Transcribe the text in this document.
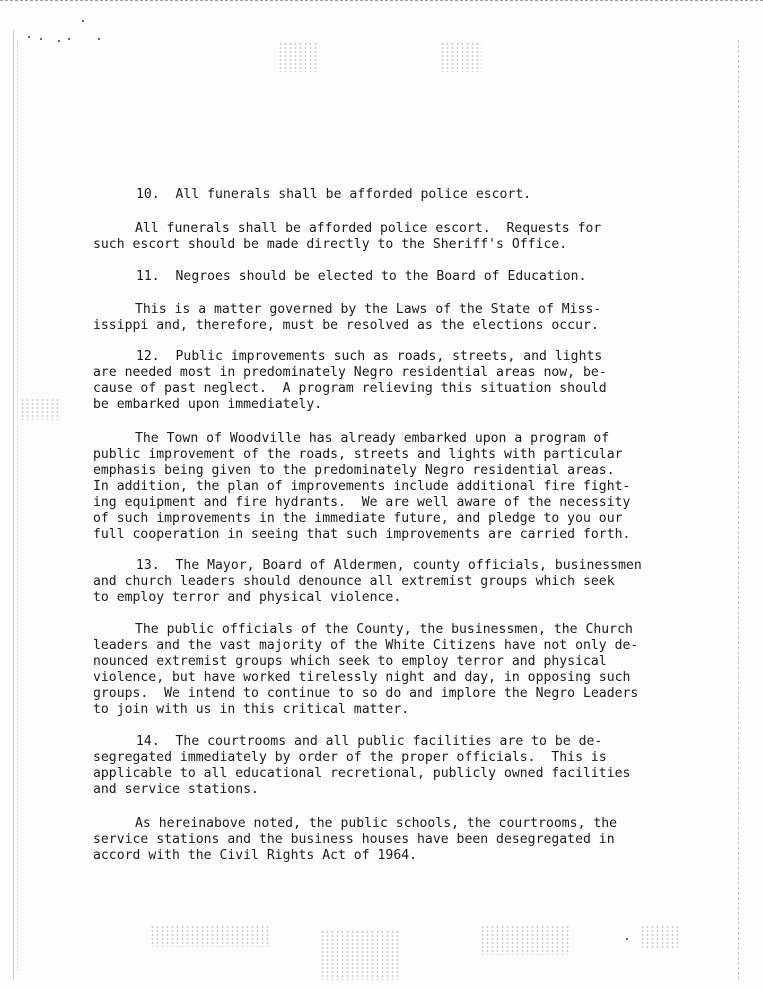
10.  All funerals shall be afforded police escort.
All funerals shall be afforded police escort.  Requests for
such escort should be made directly to the Sheriff's Office.
11.  Negroes should be elected to the Board of Education.
This is a matter governed by the Laws of the State of Miss-
issippi and, therefore, must be resolved as the elections occur.
12.  Public improvements such as roads, streets, and lights
are needed most in predominately Negro residential areas now, be-
cause of past neglect.  A program relieving this situation should
be embarked upon immediately.
The Town of Woodville has already embarked upon a program of
public improvement of the roads, streets and lights with particular
emphasis being given to the predominately Negro residential areas.
In addition, the plan of improvements include additional fire fight-
ing equipment and fire hydrants.  We are well aware of the necessity
of such improvements in the immediate future, and pledge to you our
full cooperation in seeing that such improvements are carried forth.
13.  The Mayor, Board of Aldermen, county officials, businessmen
and church leaders should denounce all extremist groups which seek
to employ terror and physical violence.
The public officials of the County, the businessmen, the Church
leaders and the vast majority of the White Citizens have not only de-
nounced extremist groups which seek to employ terror and physical
violence, but have worked tirelessly night and day, in opposing such
groups.  We intend to continue to so do and implore the Negro Leaders
to join with us in this critical matter.
14.  The courtrooms and all public facilities are to be de-
segregated immediately by order of the proper officials.  This is
applicable to all educational recretional, publicly owned facilities
and service stations.
As hereinabove noted, the public schools, the courtrooms, the
service stations and the business houses have been desegregated in
accord with the Civil Rights Act of 1964.
